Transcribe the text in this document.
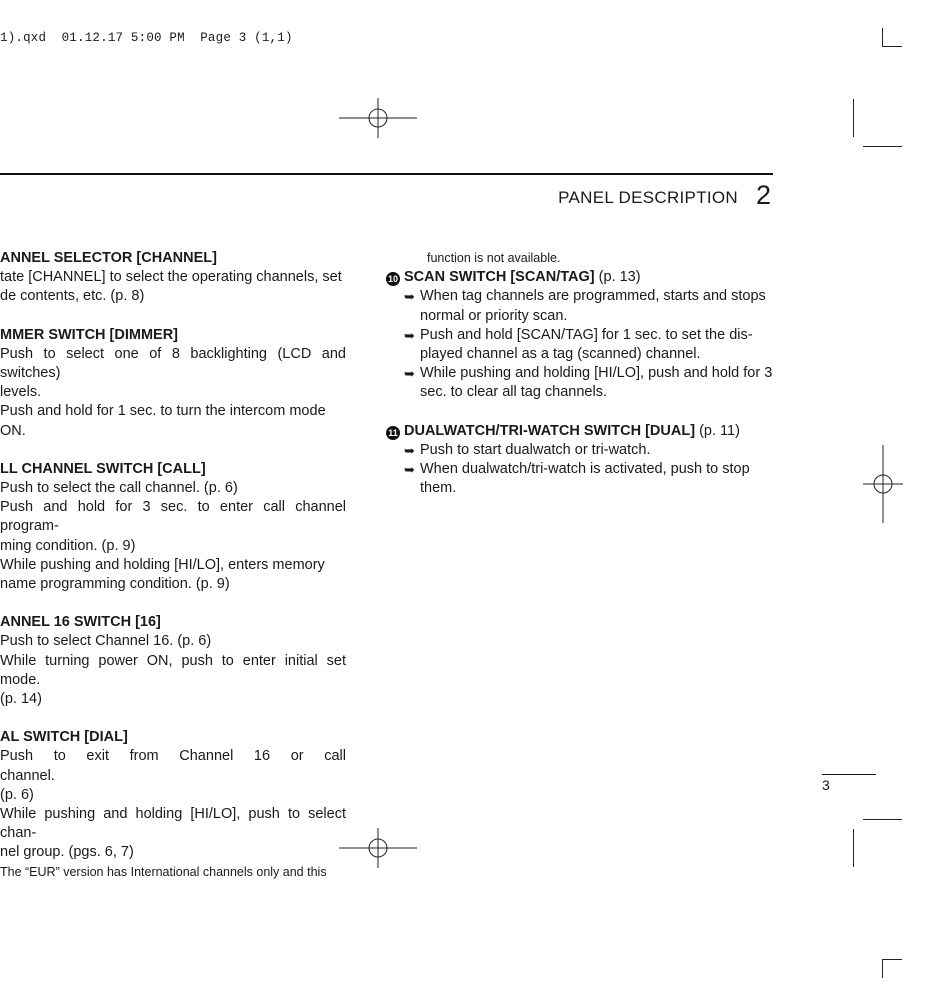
1).qxd  01.12.17 5:00 PM  Page 3 (1,1)
PANEL DESCRIPTION 2
ANNEL SELECTOR [CHANNEL]
tate [CHANNEL] to select the operating channels, set
de contents, etc. (p. 8)
MMER SWITCH [DIMMER]
Push to select one of 8 backlighting (LCD and switches)
levels.
Push and hold for 1 sec. to turn the intercom mode ON.
LL CHANNEL SWITCH [CALL]
Push to select the call channel. (p. 6)
Push and hold for 3 sec. to enter call channel program-
ming condition. (p. 9)
While pushing and holding [HI/LO], enters memory
name programming condition. (p. 9)
ANNEL 16 SWITCH [16]
Push to select Channel 16. (p. 6)
While turning power ON, push to enter initial set mode.
(p. 14)
AL SWITCH [DIAL]
Push to exit from Channel 16 or call channel.
(p. 6)
While pushing and holding [HI/LO], push to select chan-
nel group. (pgs. 6, 7)
The “EUR” version has International channels only and this
function is not available.
10 SCAN SWITCH [SCAN/TAG] (p. 13)
➥ When tag channels are programmed, starts and stops
normal or priority scan.
➥ Push and hold [SCAN/TAG] for 1 sec. to set the dis-
played channel as a tag (scanned) channel.
➥ While pushing and holding [HI/LO], push and hold for 3
sec. to clear all tag channels.
11 DUALWATCH/TRI-WATCH SWITCH [DUAL] (p. 11)
➥ Push to start dualwatch or tri-watch.
➥ When dualwatch/tri-watch is activated, push to stop
them.
3
